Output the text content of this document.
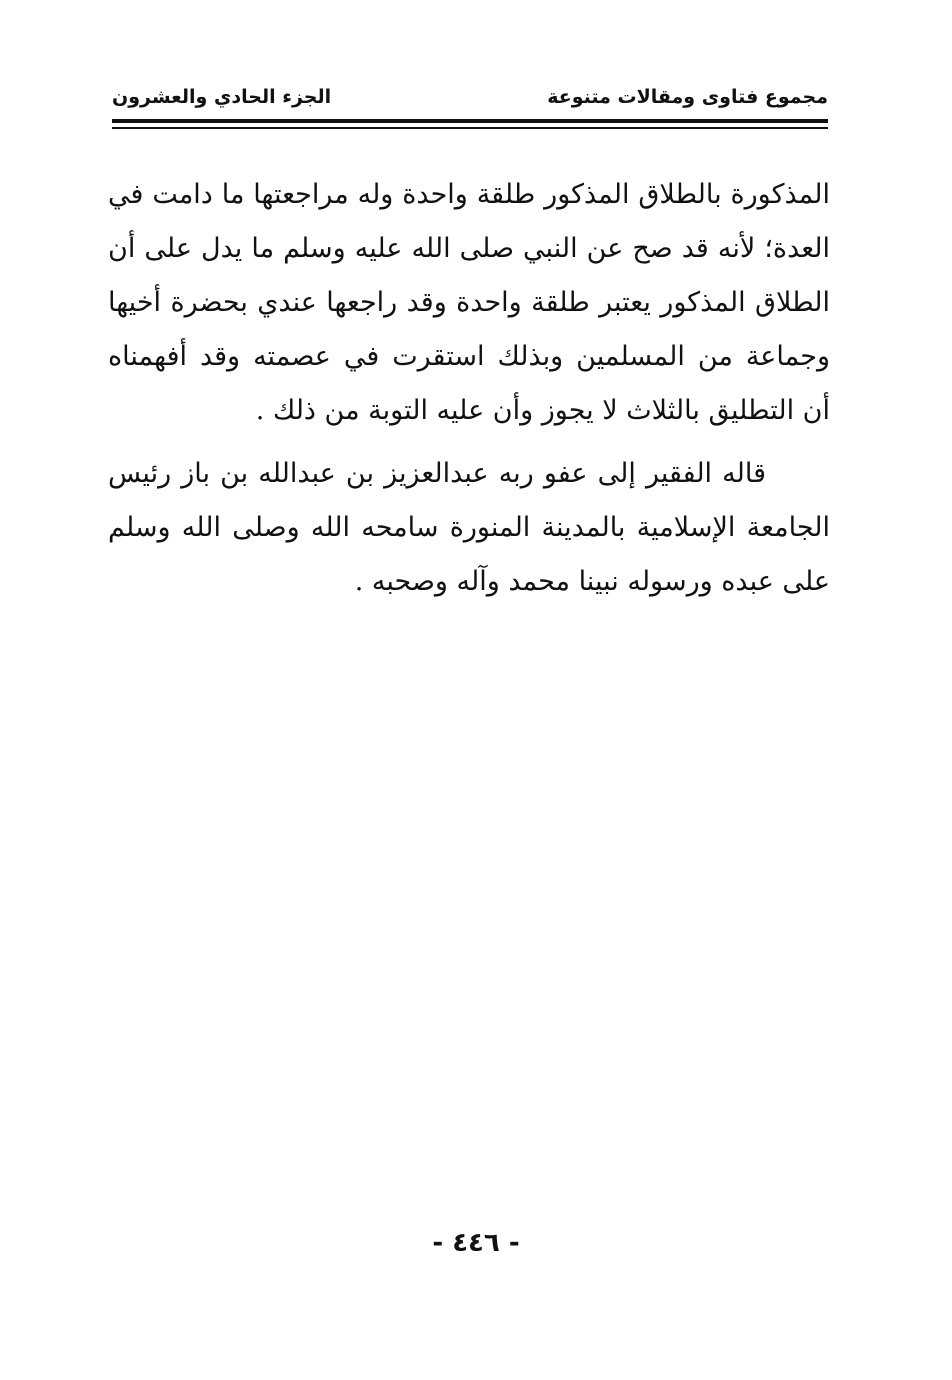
مجموع فتاوى ومقالات متنوعة
الجزء الحادي والعشرون

المذكورة بالطلاق المذكور طلقة واحدة وله مراجعتها ما دامت في العدة؛ لأنه قد صح عن النبي صلى الله عليه وسلم ما يدل على أن الطلاق المذكور يعتبر طلقة واحدة وقد راجعها عندي بحضرة أخيها وجماعة من المسلمين وبذلك استقرت في عصمته وقد أفهمناه أن التطليق بالثلاث لا يجوز وأن عليه التوبة من ذلك .

قاله الفقير إلى عفو ربه عبدالعزيز بن عبدالله بن باز رئيس الجامعة الإسلامية بالمدينة المنورة سامحه الله وصلى الله وسلم على عبده ورسوله نبينا محمد وآله وصحبه .

- ٤٤٦ -
